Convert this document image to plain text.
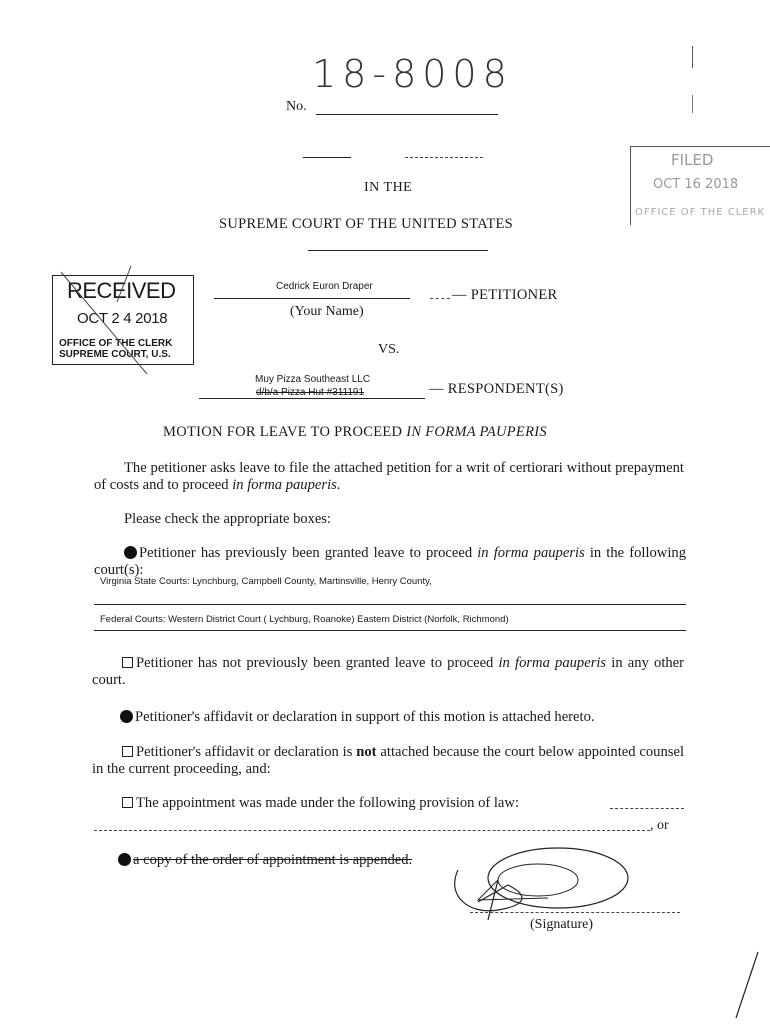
18-8008
No.
IN THE
SUPREME COURT OF THE UNITED STATES
FILED
OCT 16 2018
OFFICE OF THE CLERK
RECEIVED
OCT 2 4 2018
OFFICE OF THE CLERK
SUPREME COURT, U.S.
Cedrick Euron Draper
— PETITIONER
(Your Name)
VS.
Muy Pizza Southeast LLC
d/b/a Pizza Hut #311191	— RESPONDENT(S)
MOTION FOR LEAVE TO PROCEED IN FORMA PAUPERIS

The petitioner asks leave to file the attached petition for a writ of certiorari without prepayment of costs and to proceed in forma pauperis.

Please check the appropriate boxes:

Petitioner has previously been granted leave to proceed in forma pauperis in the following court(s):

Virginia State Courts: Lynchburg, Campbell County, Martinsville, Henry County,
Federal Courts: Western District Court ( Lychburg, Roanoke) Eastern District (Norfolk, Richmond)

Petitioner has not previously been granted leave to proceed in forma pauperis in any other court.

Petitioner's affidavit or declaration in support of this motion is attached hereto.

Petitioner's affidavit or declaration is not attached because the court below appointed counsel in the current proceeding, and:

The appointment was made under the following provision of law:

, or

a copy of the order of appointment is appended.

(Signature)
